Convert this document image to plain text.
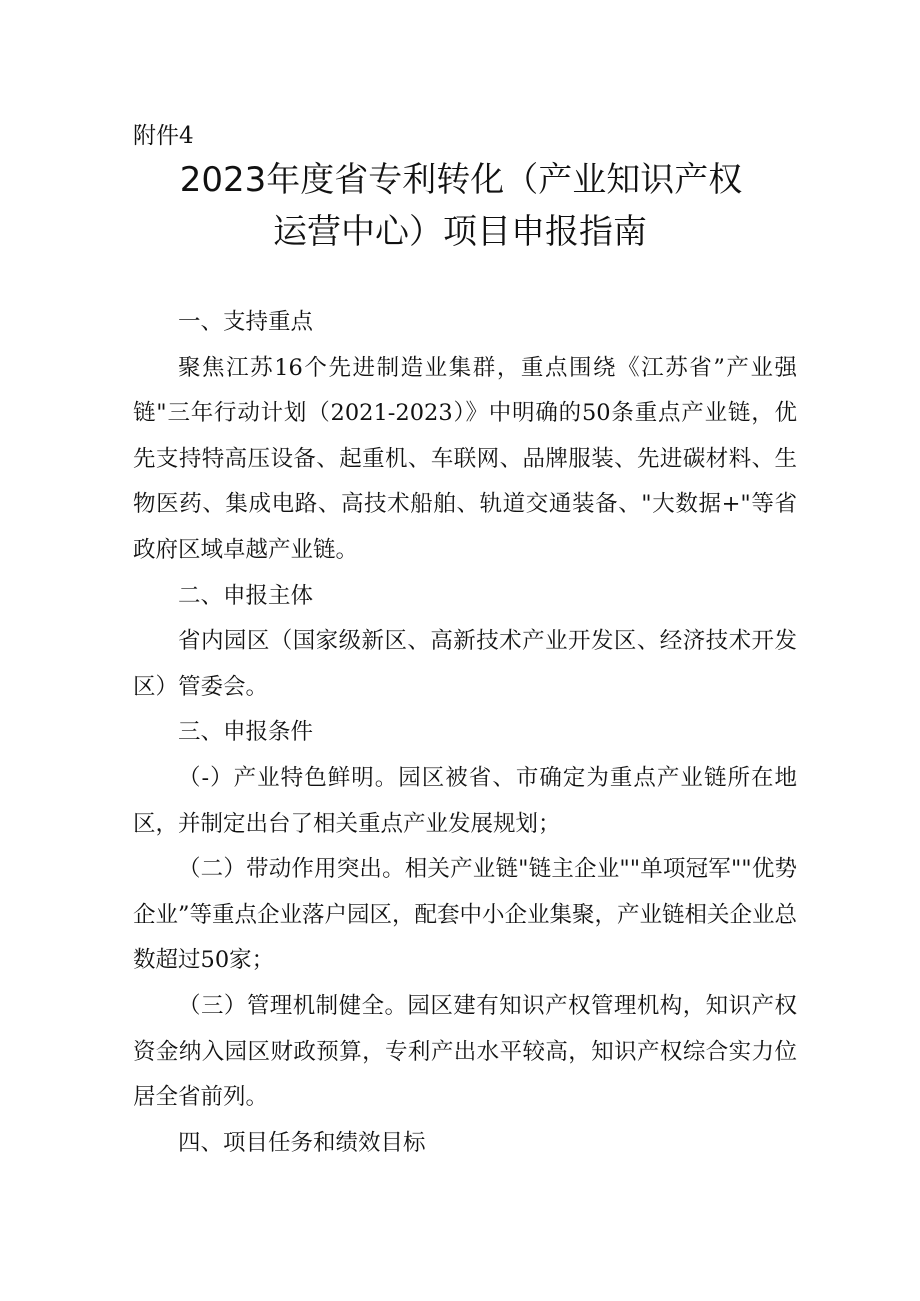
附件4
2023年度省专利转化（产业知识产权
运营中心）项目申报指南

一、支持重点

聚焦江苏16个先进制造业集群，重点围绕《江苏省”产业强链"三年行动计划（2021-2023）》中明确的50条重点产业链，优先支持特高压设备、起重机、车联网、品牌服装、先进碳材料、生物医药、集成电路、高技术船舶、轨道交通装备、"大数据+"等省政府区域卓越产业链。

二、申报主体

省内园区（国家级新区、高新技术产业开发区、经济技术开发区）管委会。

三、申报条件

（-）产业特色鲜明。园区被省、市确定为重点产业链所在地区，并制定出台了相关重点产业发展规划；

（二）带动作用突出。相关产业链"链主企业""单项冠军""优势企业”等重点企业落户园区，配套中小企业集聚，产业链相关企业总数超过50家；

（三）管理机制健全。园区建有知识产权管理机构，知识产权资金纳入园区财政预算，专利产出水平较高，知识产权综合实力位居全省前列。

四、项目任务和绩效目标
